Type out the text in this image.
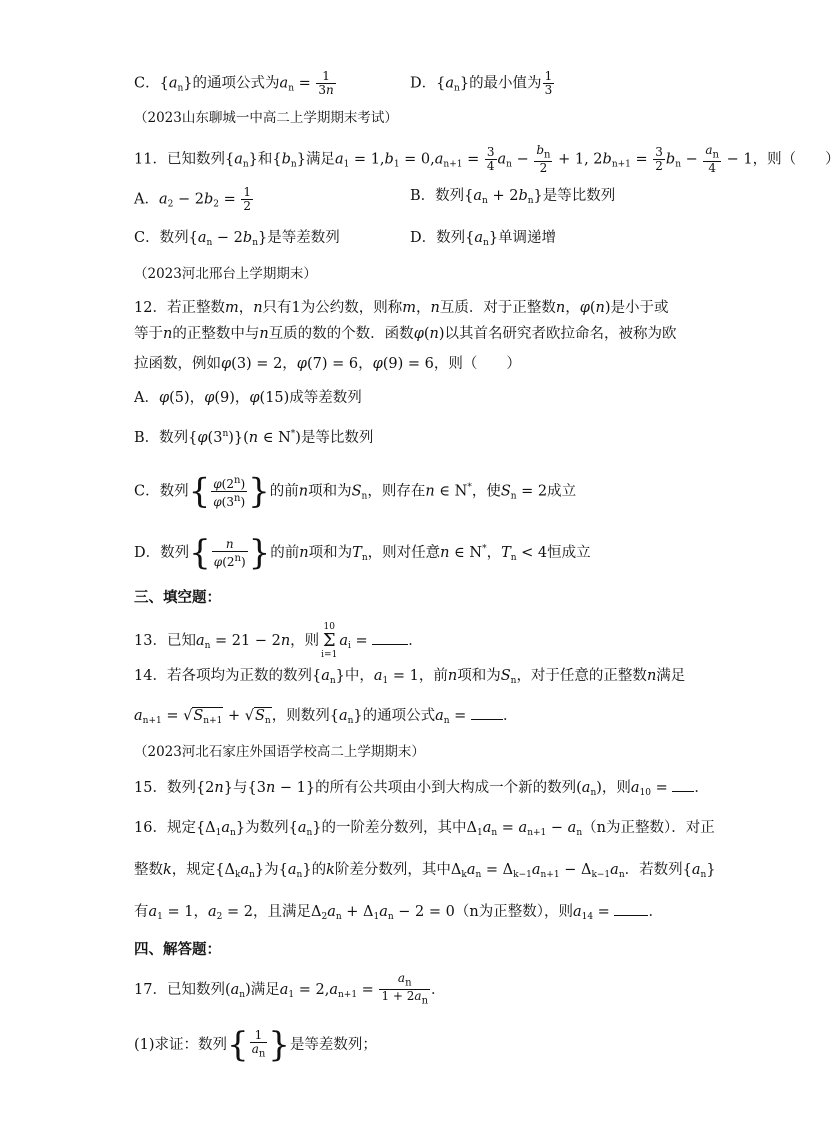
C．$\{a_n\}$的通项公式为$a_n = \frac{1}{3n}$	D．$\{a_n\}$的最小值为 $\frac{1}{3}$
（2023山东聊城一中高二上学期期末考试）
11．已知数列$\{a_n\}$和$\{b_n\}$满足$a_1 = 1,b_1 = 0,a_{n+1} = \frac{3}{4} a_n - \frac{b_n}{2} + 1$, $2b_{n+1} = \frac{3}{2} b_n - \frac{a_n}{4} - 1$，则（　　）
A．$a_2 - 2b_2 = \frac{1}{2}$	B．数列$\{a_n + 2b_n\}$是等比数列
C．数列$\{a_n - 2b_n\}$是等差数列	D．数列$\{a_n\}$单调递增
（2023河北邢台上学期期末）
12．若正整数m，n只有1为公约数，则称m，n互质．对于正整数n，φ(n)是小于或
等于n的正整数中与n互质的数的个数．函数φ(n)以其首名研究者欧拉命名，被称为欧
拉函数，例如φ(3) = 2，φ(7) = 6，φ(9) = 6，则（　　）
A．φ(5)，φ(9)，φ(15)成等差数列
B．数列{φ(3$^n$)}(n ∈ N*)是等比数列
C．数列{ $\frac{\varphi(2^n)}{\varphi(3^n)}$ }的前n项和为$S_n$，则存在n ∈ N*，使$S_n = 2$成立
D．数列{ $\frac{n}{\varphi(2^n)}$ }的前n项和为$T_n$，则对任意n ∈ N*，$T_n < 4$恒成立
三、填空题：
13．已知$a_n = 21 - 2n$，则10
Σ
$i=1a_i$ = ．
14．若各项均为正数的数列$\{a_n\}$中，$a_1 = 1$，前n项和为$S_n$，对于任意的正整数n满足
$a_{n+1} = √S_{n+1} + √S_n$，则数列$\{a_n\}$的通项公式$a_n$ = ．
（2023河北石家庄外国语学校高二上学期期末）
15．数列{2n}与{3n − 1}的所有公共项由小到大构成一个新的数列$(a_n)$，则$a_{10}$ = ．
16．规定$\{\Delta_1a_n\}$为数列$\{a_n\}$的一阶差分数列，其中$\Delta_1a_n = a_{n+1} - a_n(n$为正整数）．对正
整数k，规定$\{\Delta_ka_n\}$为$\{a_n\}$的k阶差分数列，其中$\Delta_ka_n = \Delta_{k-1}a_{n+1} - \Delta_{k-1}a_n$．若数列$\{a_n\}$
有$a_1 = 1$，$a_2 = 2$，且满足$\Delta_2a_n + \Delta_1a_n - 2 = 0(n$为正整数），则$a_{14}$ = ．
四、解答题：
17．已知数列$(a_n)$满足$a_1 = 2,a_{n+1} = \frac{a_n}{1 + 2a_n}$ ．
(1)求证：数列{ $\frac{1}{a_n}$ }是等差数列；
